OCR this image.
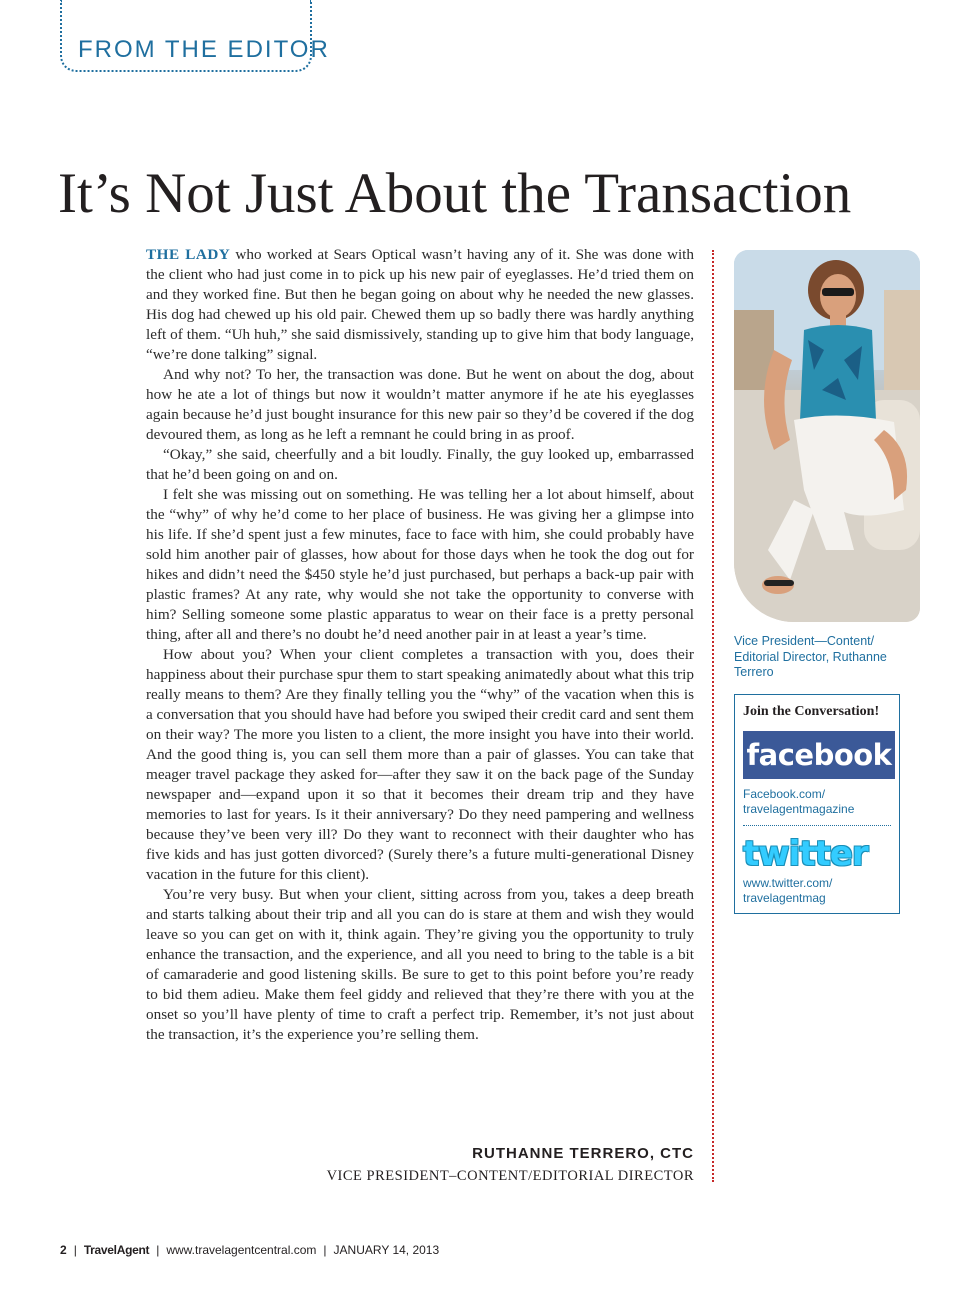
FROM THE EDITOR
It’s Not Just About the Transaction

THE LADY who worked at Sears Optical wasn’t having any of it. She was done with the client who had just come in to pick up his new pair of eyeglasses. He’d tried them on and they worked fine. But then he began going on about why he needed the new glasses. His dog had chewed up his old pair. Chewed them up so badly there was hardly anything left of them. “Uh huh,” she said dismissively, standing up to give him that body language, “we’re done talking” signal.

And why not? To her, the transaction was done. But he went on about the dog, about how he ate a lot of things but now it wouldn’t matter anymore if he ate his eyeglasses again because he’d just bought insurance for this new pair so they’d be covered if the dog devoured them, as long as he left a remnant he could bring in as proof.

“Okay,” she said, cheerfully and a bit loudly. Finally, the guy looked up, embarrassed that he’d been going on and on.

I felt she was missing out on something. He was telling her a lot about himself, about the “why” of why he’d come to her place of business. He was giving her a glimpse into his life. If she’d spent just a few minutes, face to face with him, she could probably have sold him another pair of glasses, how about for those days when he took the dog out for hikes and didn’t need the $450 style he’d just purchased, but perhaps a back-up pair with plastic frames? At any rate, why would she not take the opportunity to converse with him? Selling someone some plastic apparatus to wear on their face is a pretty personal thing, after all and there’s no doubt he’d need another pair in at least a year’s time.

How about you? When your client completes a transaction with you, does their happiness about their purchase spur them to start speaking animatedly about what this trip really means to them? Are they finally telling you the “why” of the vacation when this is a conversation that you should have had before you swiped their credit card and sent them on their way? The more you listen to a client, the more insight you have into their world. And the good thing is, you can sell them more than a pair of glasses. You can take that meager travel package they asked for—after they saw it on the back page of the Sunday newspaper and—expand upon it so that it becomes their dream trip and they have memories to last for years. Is it their anniversary? Do they need pampering and wellness because they’ve been very ill? Do they want to reconnect with their daughter who has five kids and has just gotten divorced? (Surely there’s a future multi-generational Disney vacation in the future for this client).

You’re very busy. But when your client, sitting across from you, takes a deep breath and starts talking about their trip and all you can do is stare at them and wish they would leave so you can get on with it, think again. They’re giving you the opportunity to truly enhance the transaction, and the experience, and all you need to bring to the table is a bit of camaraderie and good listening skills. Be sure to get to this point before you’re ready to bid them adieu. Make them feel giddy and relieved that they’re there with you at the onset so you’ll have plenty of time to craft a perfect trip. Remember, it’s not just about the transaction, it’s the experience you’re selling them.

RUTHANNE TERRERO, CTC
VICE PRESIDENT–CONTENT/EDITORIAL DIRECTOR
Vice President—Content/ Editorial Director, Ruthanne Terrero
Join the Conversation!
facebook
Facebook.com/
travelagentmagazine
twitter
www.twitter.com/
travelagentmag
2 | TravelAgent | www.travelagentcentral.com | JANUARY 14, 2013
